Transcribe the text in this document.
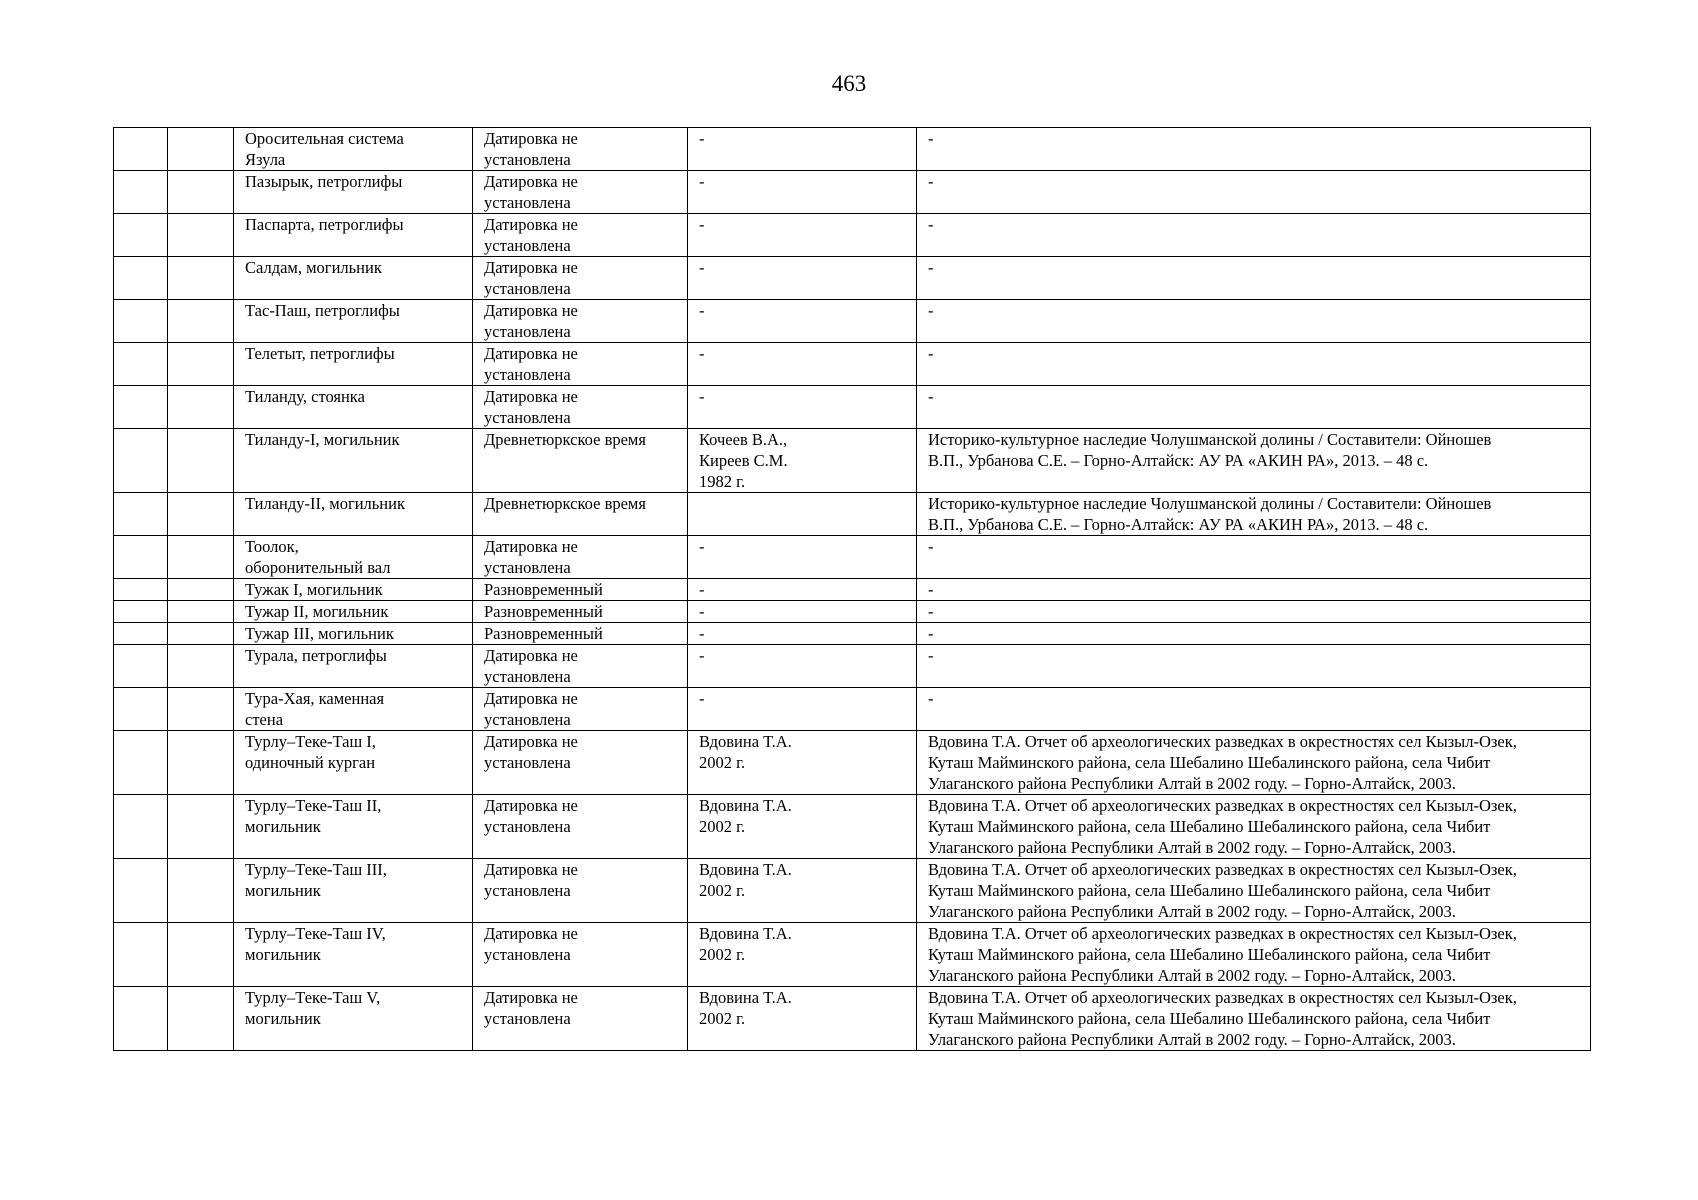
463
		Оросительная система
Язула	Датировка не
установлена	-	-
		Пазырык, петроглифы	Датировка не
установлена	-	-
		Паспарта, петроглифы	Датировка не
установлена	-	-
		Салдам, могильник	Датировка не
установлена	-	-
		Тас-Паш, петроглифы	Датировка не
установлена	-	-
		Телетыт, петроглифы	Датировка не
установлена	-	-
		Тиланду, стоянка	Датировка не
установлена	-	-
		Тиланду-I, могильник	Древнетюркское время	Кочеев В.А.,
Киреев С.М.
1982 г.	Историко-культурное наследие Чолушманской долины / Составители: Ойношев
В.П., Урбанова С.Е. – Горно-Алтайск: АУ РА «АКИН РА», 2013. – 48 с.
		Тиланду-II, могильник	Древнетюркское время		Историко-культурное наследие Чолушманской долины / Составители: Ойношев
В.П., Урбанова С.Е. – Горно-Алтайск: АУ РА «АКИН РА», 2013. – 48 с.
		Тоолок,
оборонительный вал	Датировка не
установлена	-	-
		Тужак I, могильник	Разновременный	-	-
		Тужар II, могильник	Разновременный	-	-
		Тужар III, могильник	Разновременный	-	-
		Турала, петроглифы	Датировка не
установлена	-	-
		Тура-Хая, каменная
стена	Датировка не
установлена	-	-
		Турлу–Теке-Таш I,
одиночный курган	Датировка не
установлена	Вдовина Т.А.
2002 г.	Вдовина Т.А. Отчет об археологических разведках в окрестностях сел Кызыл-Озек,
Куташ Майминского района, села Шебалино Шебалинского района, села Чибит
Улаганского района Республики Алтай в 2002 году. – Горно-Алтайск, 2003.
		Турлу–Теке-Таш II,
могильник	Датировка не
установлена	Вдовина Т.А.
2002 г.	Вдовина Т.А. Отчет об археологических разведках в окрестностях сел Кызыл-Озек,
Куташ Майминского района, села Шебалино Шебалинского района, села Чибит
Улаганского района Республики Алтай в 2002 году. – Горно-Алтайск, 2003.
		Турлу–Теке-Таш III,
могильник	Датировка не
установлена	Вдовина Т.А.
2002 г.	Вдовина Т.А. Отчет об археологических разведках в окрестностях сел Кызыл-Озек,
Куташ Майминского района, села Шебалино Шебалинского района, села Чибит
Улаганского района Республики Алтай в 2002 году. – Горно-Алтайск, 2003.
		Турлу–Теке-Таш IV,
могильник	Датировка не
установлена	Вдовина Т.А.
2002 г.	Вдовина Т.А. Отчет об археологических разведках в окрестностях сел Кызыл-Озек,
Куташ Майминского района, села Шебалино Шебалинского района, села Чибит
Улаганского района Республики Алтай в 2002 году. – Горно-Алтайск, 2003.
		Турлу–Теке-Таш V,
могильник	Датировка не
установлена	Вдовина Т.А.
2002 г.	Вдовина Т.А. Отчет об археологических разведках в окрестностях сел Кызыл-Озек,
Куташ Майминского района, села Шебалино Шебалинского района, села Чибит
Улаганского района Республики Алтай в 2002 году. – Горно-Алтайск, 2003.
